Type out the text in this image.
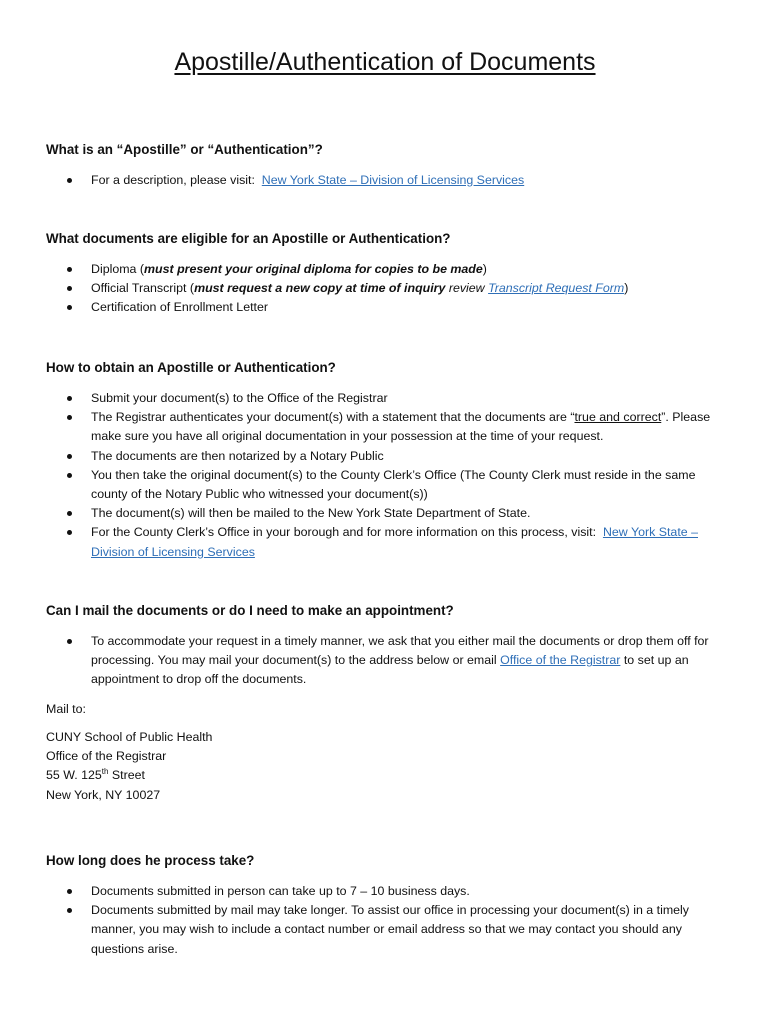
Apostille/Authentication of Documents
What is an “Apostille” or “Authentication”?
For a description, please visit: New York State – Division of Licensing Services
What documents are eligible for an Apostille or Authentication?
Diploma (must present your original diploma for copies to be made)
Official Transcript (must request a new copy at time of inquiry review Transcript Request Form)
Certification of Enrollment Letter
How to obtain an Apostille or Authentication?
Submit your document(s) to the Office of the Registrar
The Registrar authenticates your document(s) with a statement that the documents are “true and correct”. Please make sure you have all original documentation in your possession at the time of your request.
The documents are then notarized by a Notary Public
You then take the original document(s) to the County Clerk’s Office (The County Clerk must reside in the same county of the Notary Public who witnessed your document(s))
The document(s) will then be mailed to the New York State Department of State.
For the County Clerk’s Office in your borough and for more information on this process, visit: New York State – Division of Licensing Services
Can I mail the documents or do I need to make an appointment?
To accommodate your request in a timely manner, we ask that you either mail the documents or drop them off for processing. You may mail your document(s) to the address below or email Office of the Registrar to set up an appointment to drop off the documents.
Mail to:
CUNY School of Public Health
Office of the Registrar
55 W. 125th Street
New York, NY 10027
How long does he process take?
Documents submitted in person can take up to 7 – 10 business days.
Documents submitted by mail may take longer. To assist our office in processing your document(s) in a timely manner, you may wish to include a contact number or email address so that we may contact you should any questions arise.
